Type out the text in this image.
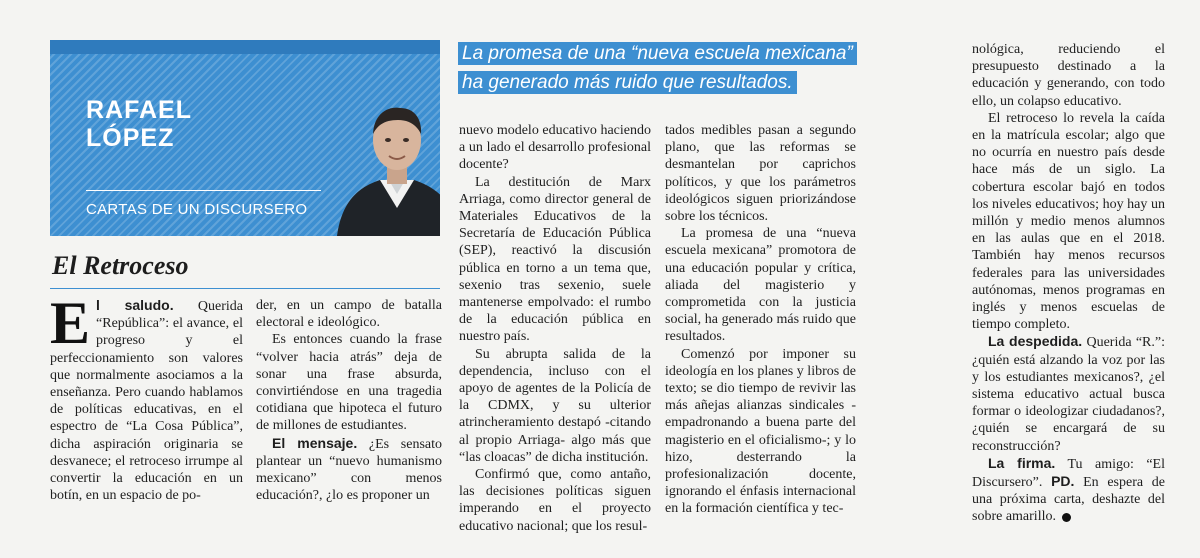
RAFAEL
LÓPEZ
CARTAS DE UN DISCURSERO
La promesa de una “nueva escuela mexicana”
ha generado más ruido que resultados.
El Retroceso

El saludo. Querida “República”: el avance, el progreso y el perfeccionamiento son valores que normalmente asociamos a la enseñanza. Pero cuando hablamos de políticas educativas, en el espectro de “La Cosa Pública”, dicha aspiración originaria se desvanece; el retroceso irrumpe al convertir la educación en un botín, en un espacio de po-

der, en un campo de batalla electoral e ideológico.

Es entonces cuando la frase “volver hacia atrás” deja de sonar una frase absurda, convirtiéndose en una tragedia cotidiana que hipoteca el futuro de millones de estudiantes.

El mensaje. ¿Es sensato plantear un “nuevo humanismo mexicano” con menos educación?, ¿lo es proponer un

nuevo modelo educativo haciendo a un lado el desarrollo profesional docente?

La destitución de Marx Arriaga, como director general de Materiales Educativos de la Secretaría de Educación Pública (SEP), reactivó la discusión pública en torno a un tema que, sexenio tras sexenio, suele mantenerse empolvado: el rumbo de la educación pública en nuestro país.

Su abrupta salida de la dependencia, incluso con el apoyo de agentes de la Policía de la CDMX, y su ulterior atrincheramiento destapó -citando al propio Arriaga- algo más que “las cloacas” de dicha institución.

Confirmó que, como antaño, las decisiones políticas siguen imperando en el proyecto educativo nacional; que los resul-

tados medibles pasan a segundo plano, que las reformas se desmantelan por caprichos políticos, y que los parámetros ideológicos siguen priorizándose sobre los técnicos.

La promesa de una “nueva escuela mexicana” promotora de una educación popular y crítica, aliada del magisterio y comprometida con la justicia social, ha generado más ruido que resultados.

Comenzó por imponer su ideología en los planes y libros de texto; se dio tiempo de revivir las más añejas alianzas sindicales -empadronando a buena parte del magisterio en el oficialismo-; y lo hizo, desterrando la profesionalización docente, ignorando el énfasis internacional en la formación científica y tec-

nológica, reduciendo el presupuesto destinado a la educación y generando, con todo ello, un colapso educativo.

El retroceso lo revela la caída en la matrícula escolar; algo que no ocurría en nuestro país desde hace más de un siglo. La cobertura escolar bajó en todos los niveles educativos; hoy hay un millón y medio menos alumnos en las aulas que en el 2018. También hay menos recursos federales para las universidades autónomas, menos programas en inglés y menos escuelas de tiempo completo.

La despedida. Querida “R.”: ¿quién está alzando la voz por las y los estudiantes mexicanos?, ¿el sistema educativo actual busca formar o ideologizar ciudadanos?, ¿quién se encargará de su reconstrucción?

La firma. Tu amigo: “El Discursero”. PD. En espera de una próxima carta, deshazte del sobre amarillo.
